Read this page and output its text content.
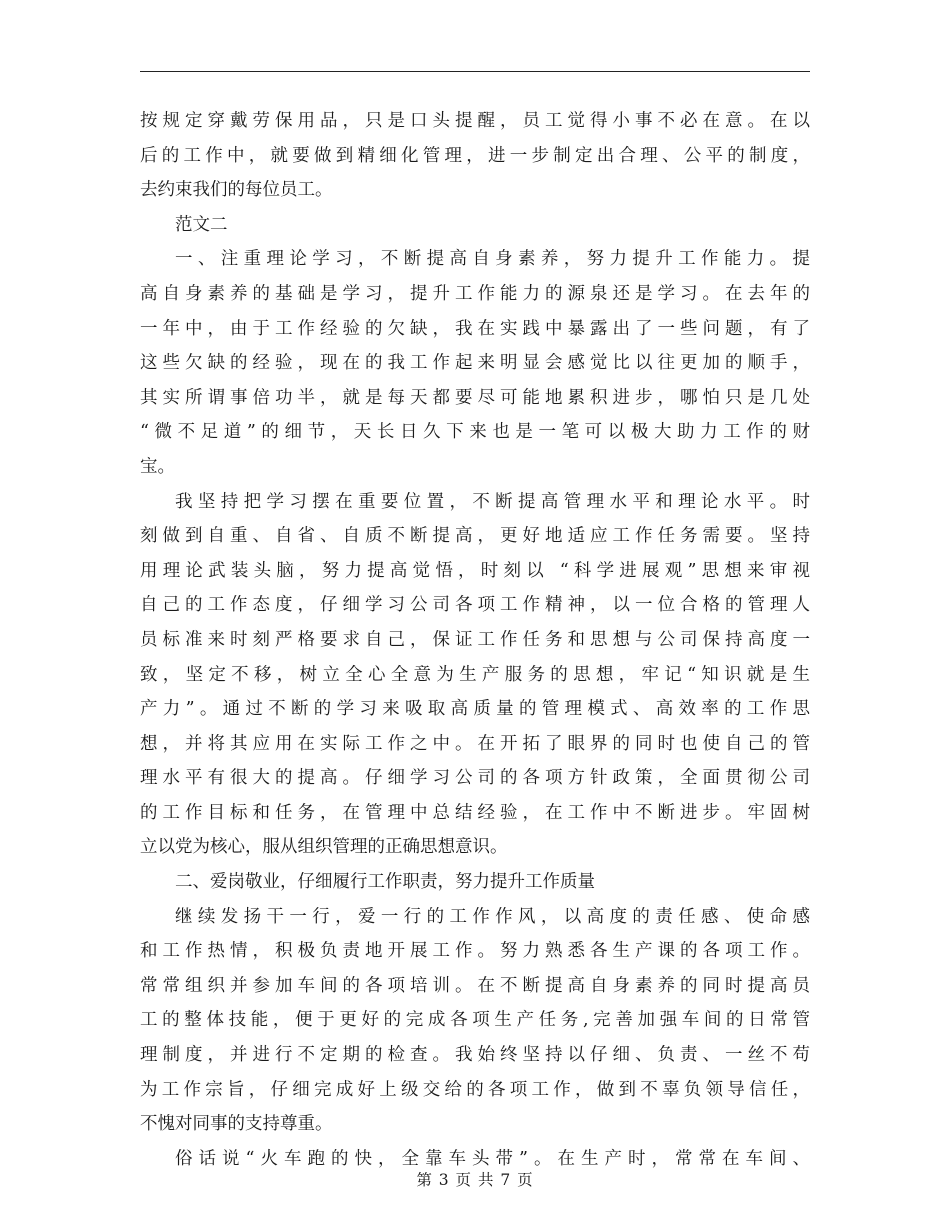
按规定穿戴劳保用品，只是口头提醒，员工觉得小事不必在意。在以
后的工作中，就要做到精细化管理，进一步制定出合理、公平的制度，
去约束我们的每位员工。
范文二
一、注重理论学习，不断提高自身素养，努力提升工作能力。提
高自身素养的基础是学习，提升工作能力的源泉还是学习。在去年的
一年中，由于工作经验的欠缺，我在实践中暴露出了一些问题，有了
这些欠缺的经验，现在的我工作起来明显会感觉比以往更加的顺手，
其实所谓事倍功半，就是每天都要尽可能地累积进步，哪怕只是几处
“微不足道”的细节，天长日久下来也是一笔可以极大助力工作的财
宝。
我坚持把学习摆在重要位置，不断提高管理水平和理论水平。时
刻做到自重、自省、自质不断提高，更好地适应工作任务需要。坚持
用理论武装头脑，努力提高觉悟，时刻以 “科学进展观”思想来审视
自己的工作态度，仔细学习公司各项工作精神，以一位合格的管理人
员标准来时刻严格要求自己，保证工作任务和思想与公司保持高度一
致，坚定不移，树立全心全意为生产服务的思想，牢记“知识就是生
产力”。通过不断的学习来吸取高质量的管理模式、高效率的工作思
想，并将其应用在实际工作之中。在开拓了眼界的同时也使自己的管
理水平有很大的提高。仔细学习公司的各项方针政策，全面贯彻公司
的工作目标和任务，在管理中总结经验，在工作中不断进步。牢固树
立以党为核心，服从组织管理的正确思想意识。
二、爱岗敬业，仔细履行工作职责，努力提升工作质量
继续发扬干一行，爱一行的工作作风，以高度的责任感、使命感
和工作热情，积极负责地开展工作。努力熟悉各生产课的各项工作。
常常组织并参加车间的各项培训。在不断提高自身素养的同时提高员
工的整体技能，便于更好的完成各项生产任务,完善加强车间的日常管
理制度，并进行不定期的检查。我始终坚持以仔细、负责、一丝不苟
为工作宗旨，仔细完成好上级交给的各项工作，做到不辜负领导信任，
不愧对同事的支持尊重。
俗话说“火车跑的快，全靠车头带”。在生产时，常常在车间、
第 3 页 共 7 页
